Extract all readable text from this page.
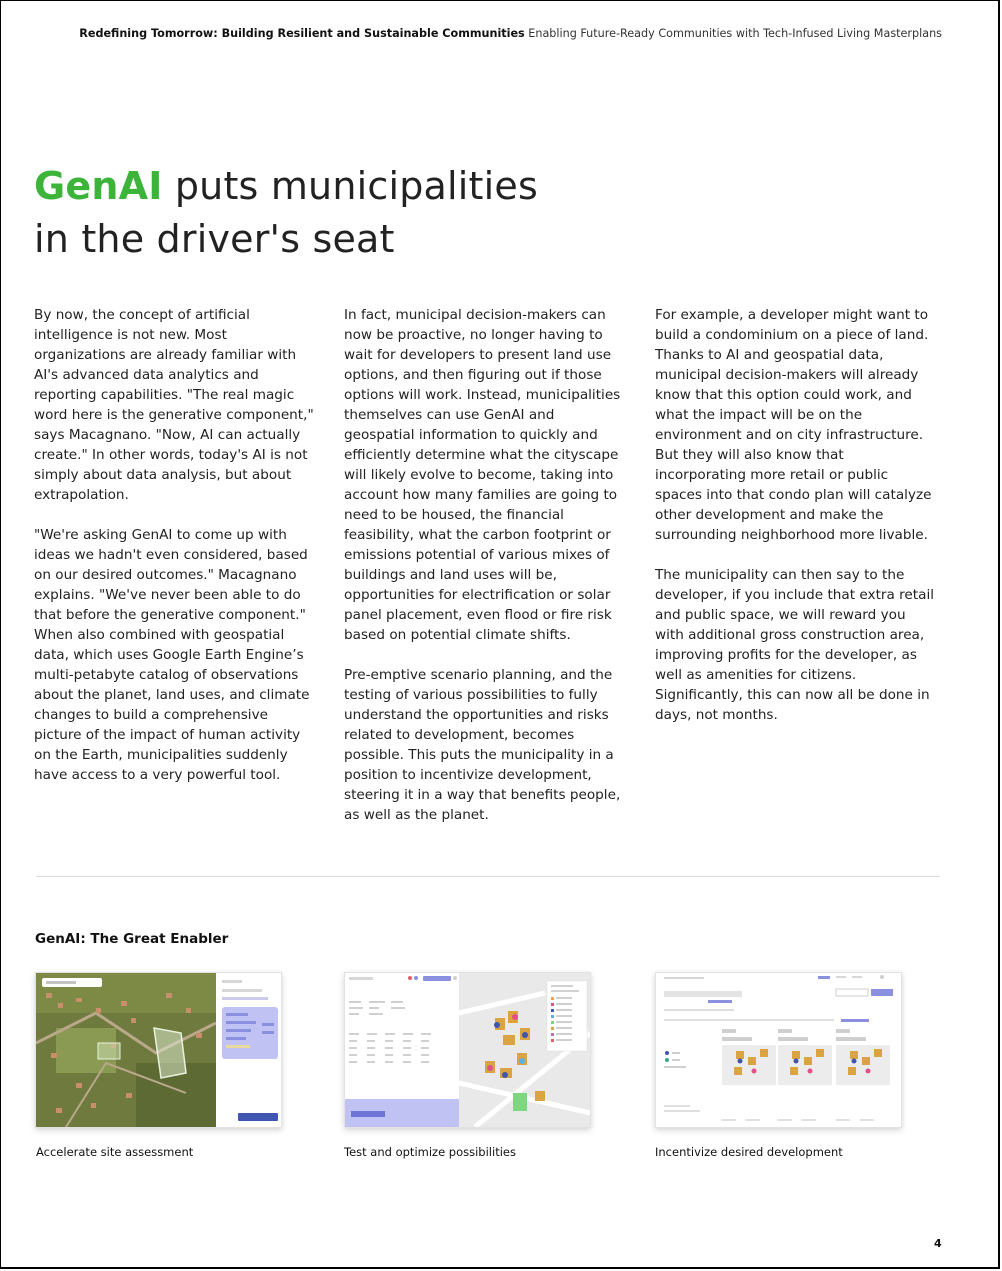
Redefining Tomorrow: Building Resilient and Sustainable Communities Enabling Future-Ready Communities with Tech-Infused Living Masterplans
GenAI puts municipalities
in the driver's seat

By now, the concept of artificial intelligence is not new. Most organizations are already familiar with AI's advanced data analytics and reporting capabilities. "The real magic word here is the generative component," says Macagnano. "Now, AI can actually create." In other words, today's AI is not simply about data analysis, but about extrapolation.

"We're asking GenAI to come up with ideas we hadn't even considered, based on our desired outcomes." Macagnano explains. "We've never been able to do that before the generative component." When also combined with geospatial data, which uses Google Earth Engine’s multi-petabyte catalog of observations about the planet, land uses, and climate changes to build a comprehensive picture of the impact of human activity on the Earth, municipalities suddenly have access to a very powerful tool.

In fact, municipal decision-makers can now be proactive, no longer having to wait for developers to present land use options, and then figuring out if those options will work. Instead, municipalities themselves can use GenAI and geospatial information to quickly and efficiently determine what the cityscape will likely evolve to become, taking into account how many families are going to need to be housed, the financial feasibility, what the carbon footprint or emissions potential of various mixes of buildings and land uses will be, opportunities for electrification or solar panel placement, even flood or fire risk based on potential climate shifts.

Pre-emptive scenario planning, and the testing of various possibilities to fully understand the opportunities and risks related to development, becomes possible. This puts the municipality in a position to incentivize development, steering it in a way that benefits people, as well as the planet.

For example, a developer might want to build a condominium on a piece of land. Thanks to AI and geospatial data, municipal decision-makers will already know that this option could work, and what the impact will be on the environment and on city infrastructure. But they will also know that incorporating more retail or public spaces into that condo plan will catalyze other development and make the surrounding neighborhood more livable.

The municipality can then say to the developer, if you include that extra retail and public space, we will reward you with additional gross construction area, improving profits for the developer, as well as amenities for citizens. Significantly, this can now all be done in days, not months.

GenAI: The Great Enabler
Accelerate site assessment	Test and optimize possibilities	Incentivize desired development
4
